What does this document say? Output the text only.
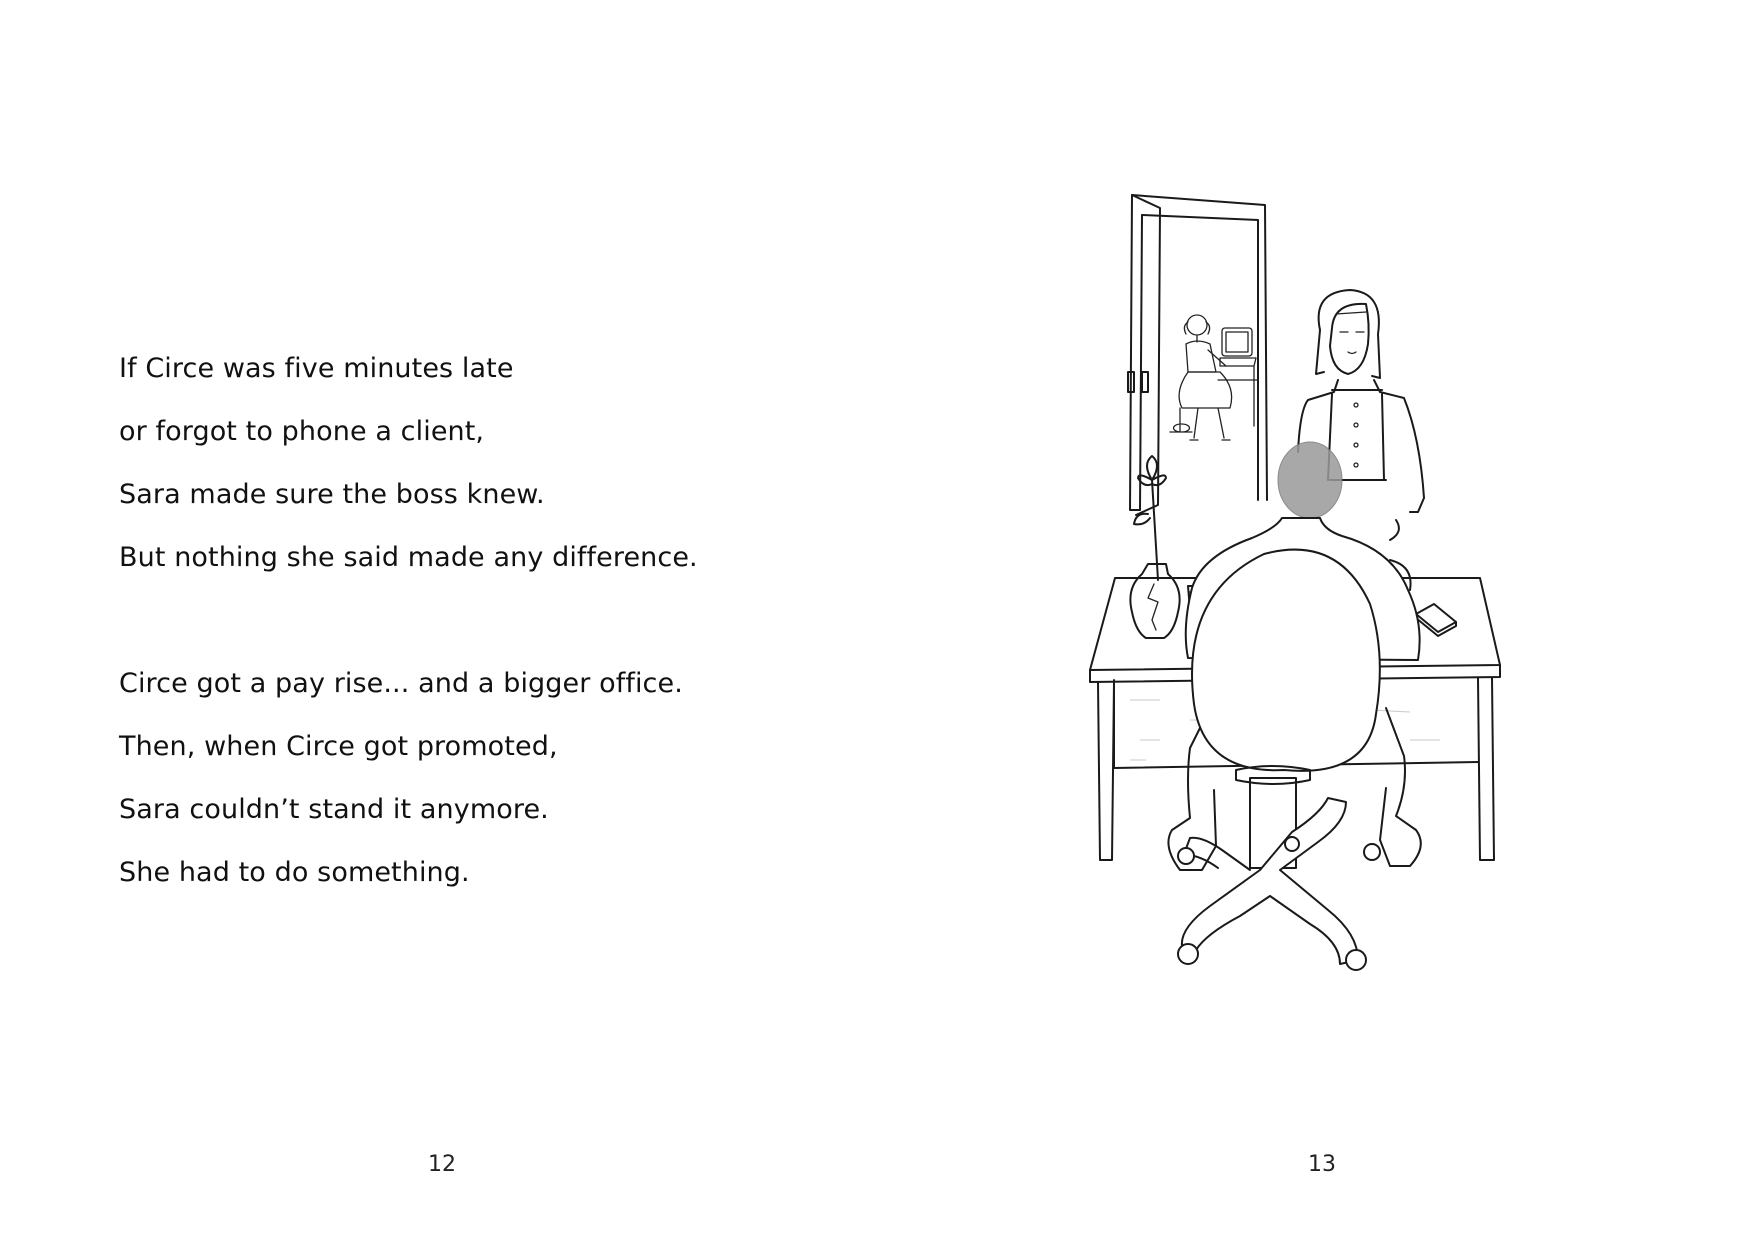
If Circe was five minutes late
or forgot to phone a client,
Sara made sure the boss knew.
But nothing she said made any difference.
Circe got a pay rise... and a bigger office.
Then, when Circe got promoted,
Sara couldn’t stand it anymore.
She had to do something.
12	13
